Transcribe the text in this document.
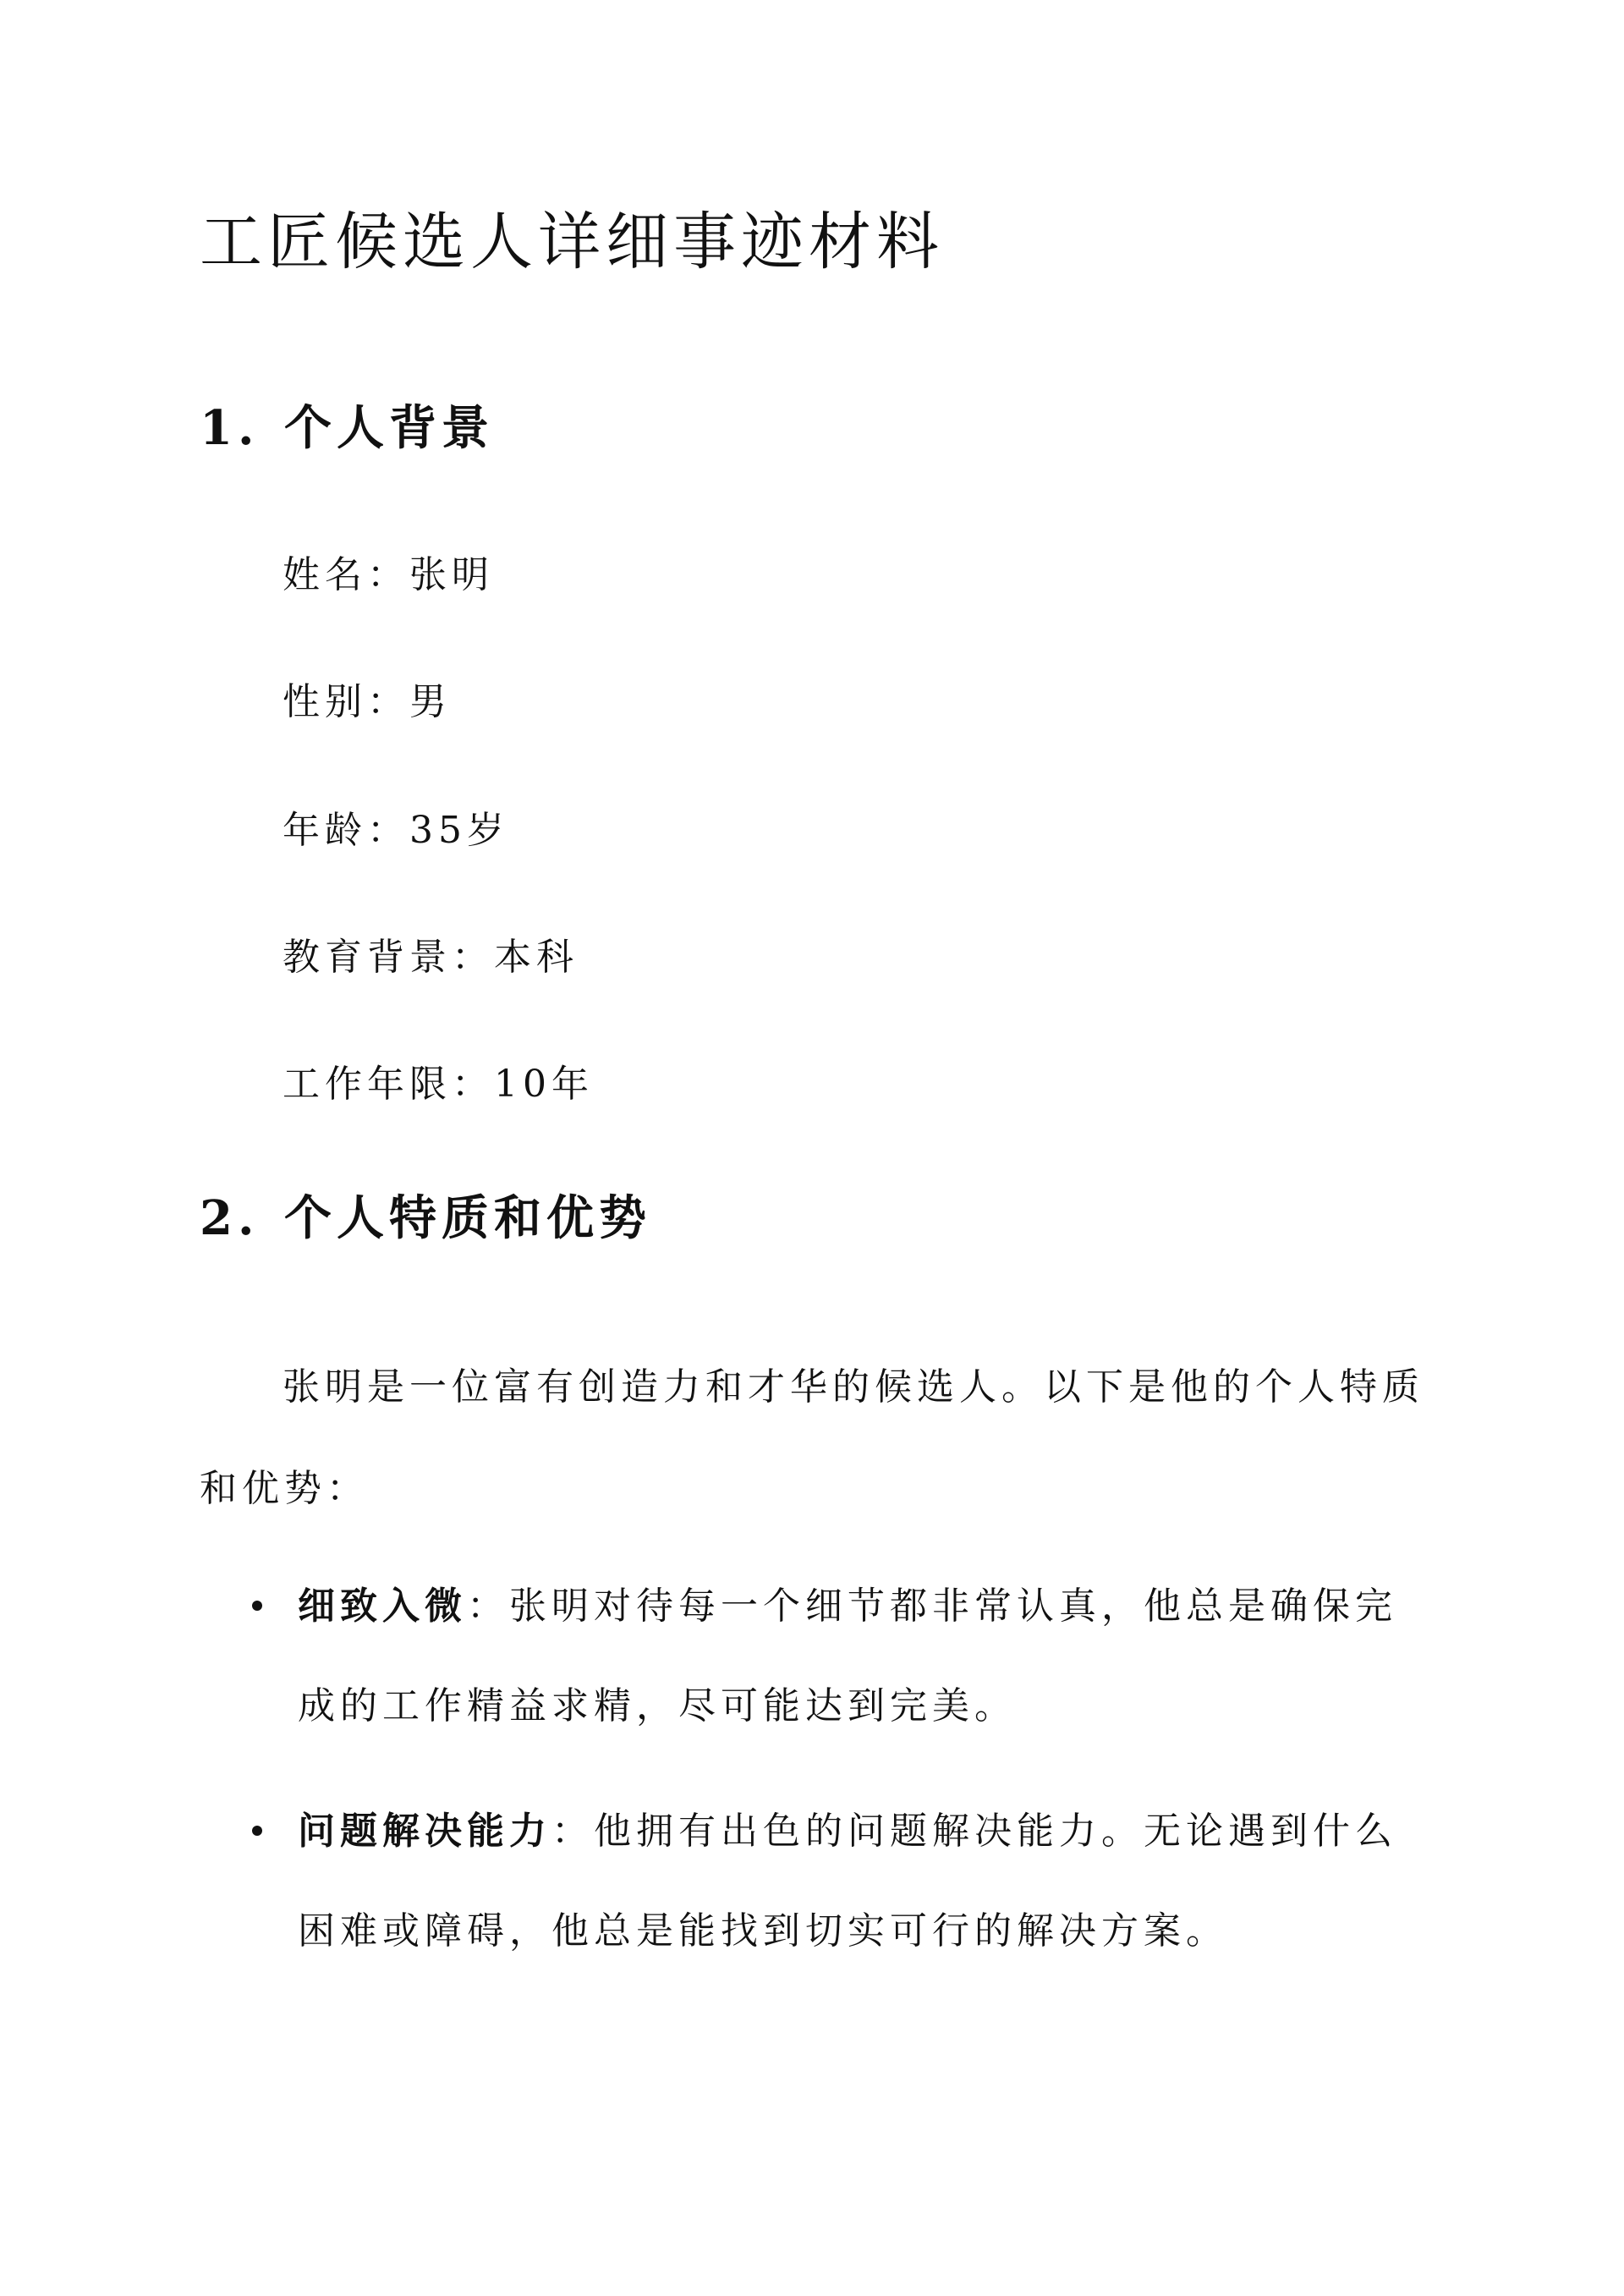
工匠候选人详细事迹材料
1. 个人背景
姓名：张明
性别：男
年龄：35岁
教育背景：本科
工作年限：10年
2. 个人特质和优势

张明是一位富有创造力和才华的候选人。以下是他的个人特质和优势：

细致入微：张明对待每一个细节都非常认真，他总是确保完成的工作精益求精，尽可能达到完美。
问题解决能力：他拥有出色的问题解决能力。无论遇到什么困难或障碍，他总是能找到切实可行的解决方案。
